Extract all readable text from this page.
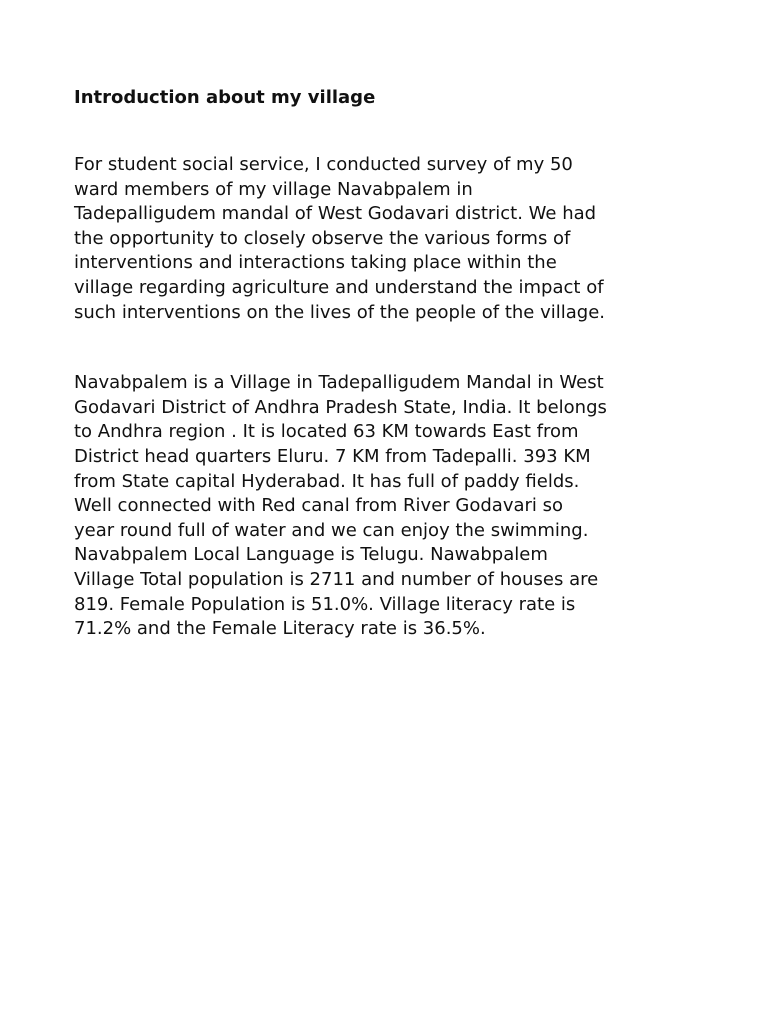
Introduction about my village

For student social service, I conducted survey of my 50
ward members of my village Navabpalem in
Tadepalligudem mandal of West Godavari district. We had
the opportunity to closely observe the various forms of
interventions and interactions taking place within the
village regarding agriculture and understand the impact of
such interventions on the lives of the people of the village.

Navabpalem is a Village in Tadepalligudem Mandal in West
Godavari District of Andhra Pradesh State, India. It belongs
to Andhra region . It is located 63 KM towards East from
District head quarters Eluru. 7 KM from Tadepalli. 393 KM
from State capital Hyderabad. It has full of paddy fields.
Well connected with Red canal from River Godavari so
year round full of water and we can enjoy the swimming.
Navabpalem Local Language is Telugu. Nawabpalem
Village Total population is 2711 and number of houses are
819. Female Population is 51.0%. Village literacy rate is
71.2% and the Female Literacy rate is 36.5%.
